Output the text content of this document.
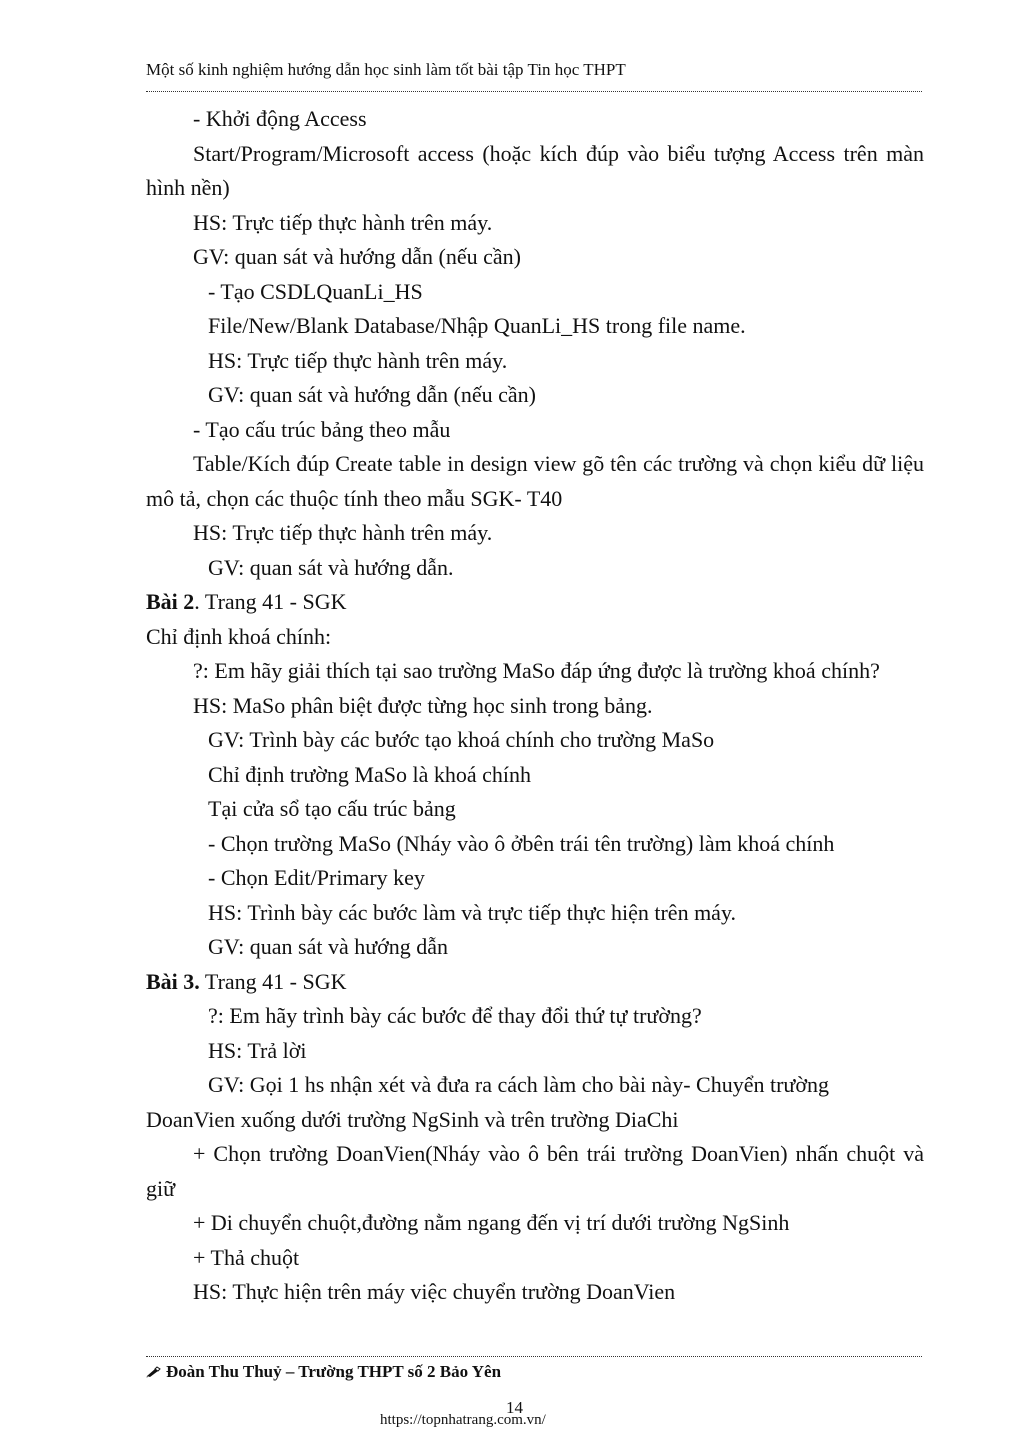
Một số kinh nghiệm hướng dẫn học sinh làm tốt bài tập Tin học THPT

- Khởi động Access

Start/Program/Microsoft access (hoặc kích đúp vào biểu tượng Access trên màn hình nền)

HS: Trực tiếp thực hành trên máy.

GV: quan sát và hướng dẫn (nếu cần)

- Tạo CSDLQuanLi_HS

File/New/Blank Database/Nhập QuanLi_HS trong file name.

HS: Trực tiếp thực hành trên máy.

GV: quan sát và hướng dẫn (nếu cần)

- Tạo cấu trúc bảng theo mẫu

Table/Kích đúp Create table in design view gõ tên các trường và chọn kiểu dữ liệu mô tả, chọn các thuộc tính theo mẫu SGK- T40

HS: Trực tiếp thực hành trên máy.

GV: quan sát và hướng dẫn.

Bài 2. Trang 41 - SGK

Chỉ định khoá chính:

?: Em hãy giải thích tại sao trường MaSo đáp ứng được là trường khoá chính?

HS: MaSo phân biệt được từng học sinh trong bảng.

GV: Trình bày các bước tạo khoá chính cho trường MaSo

Chỉ định trường MaSo là khoá chính

Tại cửa sổ tạo cấu trúc bảng

- Chọn trường MaSo (Nháy vào ô ởbên trái tên trường) làm khoá chính

- Chọn Edit/Primary key

HS: Trình bày các bước làm và trực tiếp thực hiện trên máy.

GV: quan sát và hướng dẫn

Bài 3. Trang 41 - SGK

?: Em hãy trình bày các bước để thay đổi thứ tự trường?

HS: Trả lời

GV: Gọi 1 hs nhận xét và đưa ra cách làm cho bài này- Chuyển trường

DoanVien xuống dưới trường NgSinh và trên trường DiaChi

+ Chọn trường DoanVien(Nháy vào ô bên trái trường DoanVien) nhấn chuột và giữ

+ Di chuyển chuột,đường nằm ngang đến vị trí dưới trường NgSinh

+ Thả chuột

HS: Thực hiện trên máy việc chuyển trường DoanVien

Đoàn Thu Thuỷ – Trường THPT số 2 Bảo Yên
14
https://topnhatrang.com.vn/
